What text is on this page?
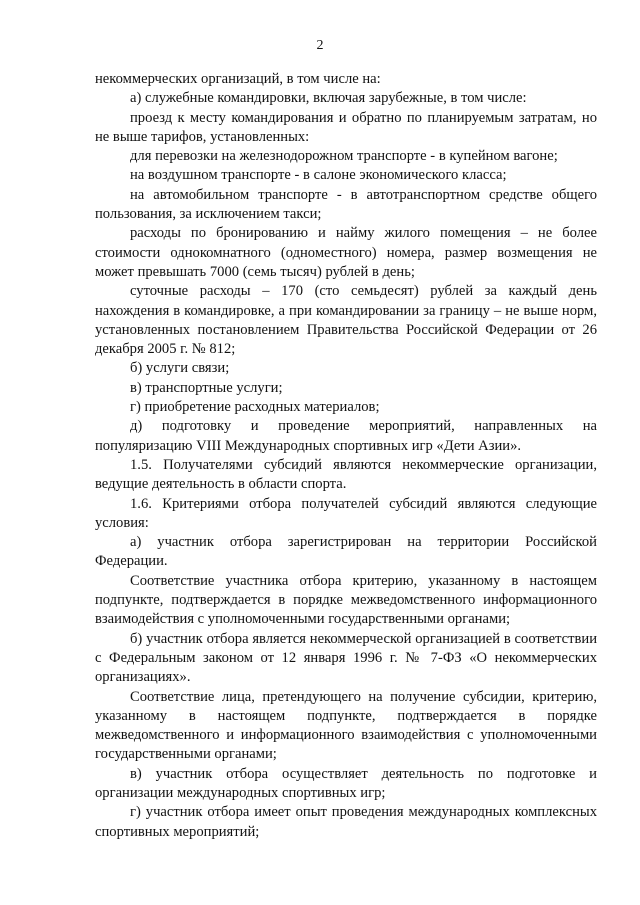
2

некоммерческих организаций, в том числе на:

а) служебные командировки, включая зарубежные, в том числе:

проезд к месту командирования и обратно по планируемым затратам, но не выше тарифов, установленных:

для перевозки на железнодорожном транспорте - в купейном вагоне;

на воздушном транспорте - в салоне экономического класса;

на автомобильном транспорте - в автотранспортном средстве общего пользования, за исключением такси;

расходы по бронированию и найму жилого помещения – не более стоимости однокомнатного (одноместного) номера, размер возмещения не может превышать 7000 (семь тысяч) рублей в день;

суточные расходы – 170 (сто семьдесят) рублей за каждый день нахождения в командировке, а при командировании за границу – не выше норм, установленных постановлением Правительства Российской Федерации от 26 декабря 2005 г. № 812;

б) услуги связи;

в) транспортные услуги;

г) приобретение расходных материалов;

д) подготовку и проведение мероприятий, направленных на популяризацию VIII Международных спортивных игр «Дети Азии».

1.5. Получателями субсидий являются некоммерческие организации, ведущие деятельность в области спорта.

1.6. Критериями отбора получателей субсидий являются следующие условия:

а) участник отбора зарегистрирован на территории Российской Федерации.

Соответствие участника отбора критерию, указанному в настоящем подпункте, подтверждается в порядке межведомственного информационного взаимодействия с уполномоченными государственными органами;

б) участник отбора является некоммерческой организацией в соответствии с Федеральным законом от 12 января 1996 г. № 7-ФЗ «О некоммерческих организациях».

Соответствие лица, претендующего на получение субсидии, критерию, указанному в настоящем подпункте, подтверждается в порядке межведомственного и информационного взаимодействия с уполномоченными государственными органами;

в) участник отбора осуществляет деятельность по подготовке и организации международных спортивных игр;

г) участник отбора имеет опыт проведения международных комплексных спортивных мероприятий;
